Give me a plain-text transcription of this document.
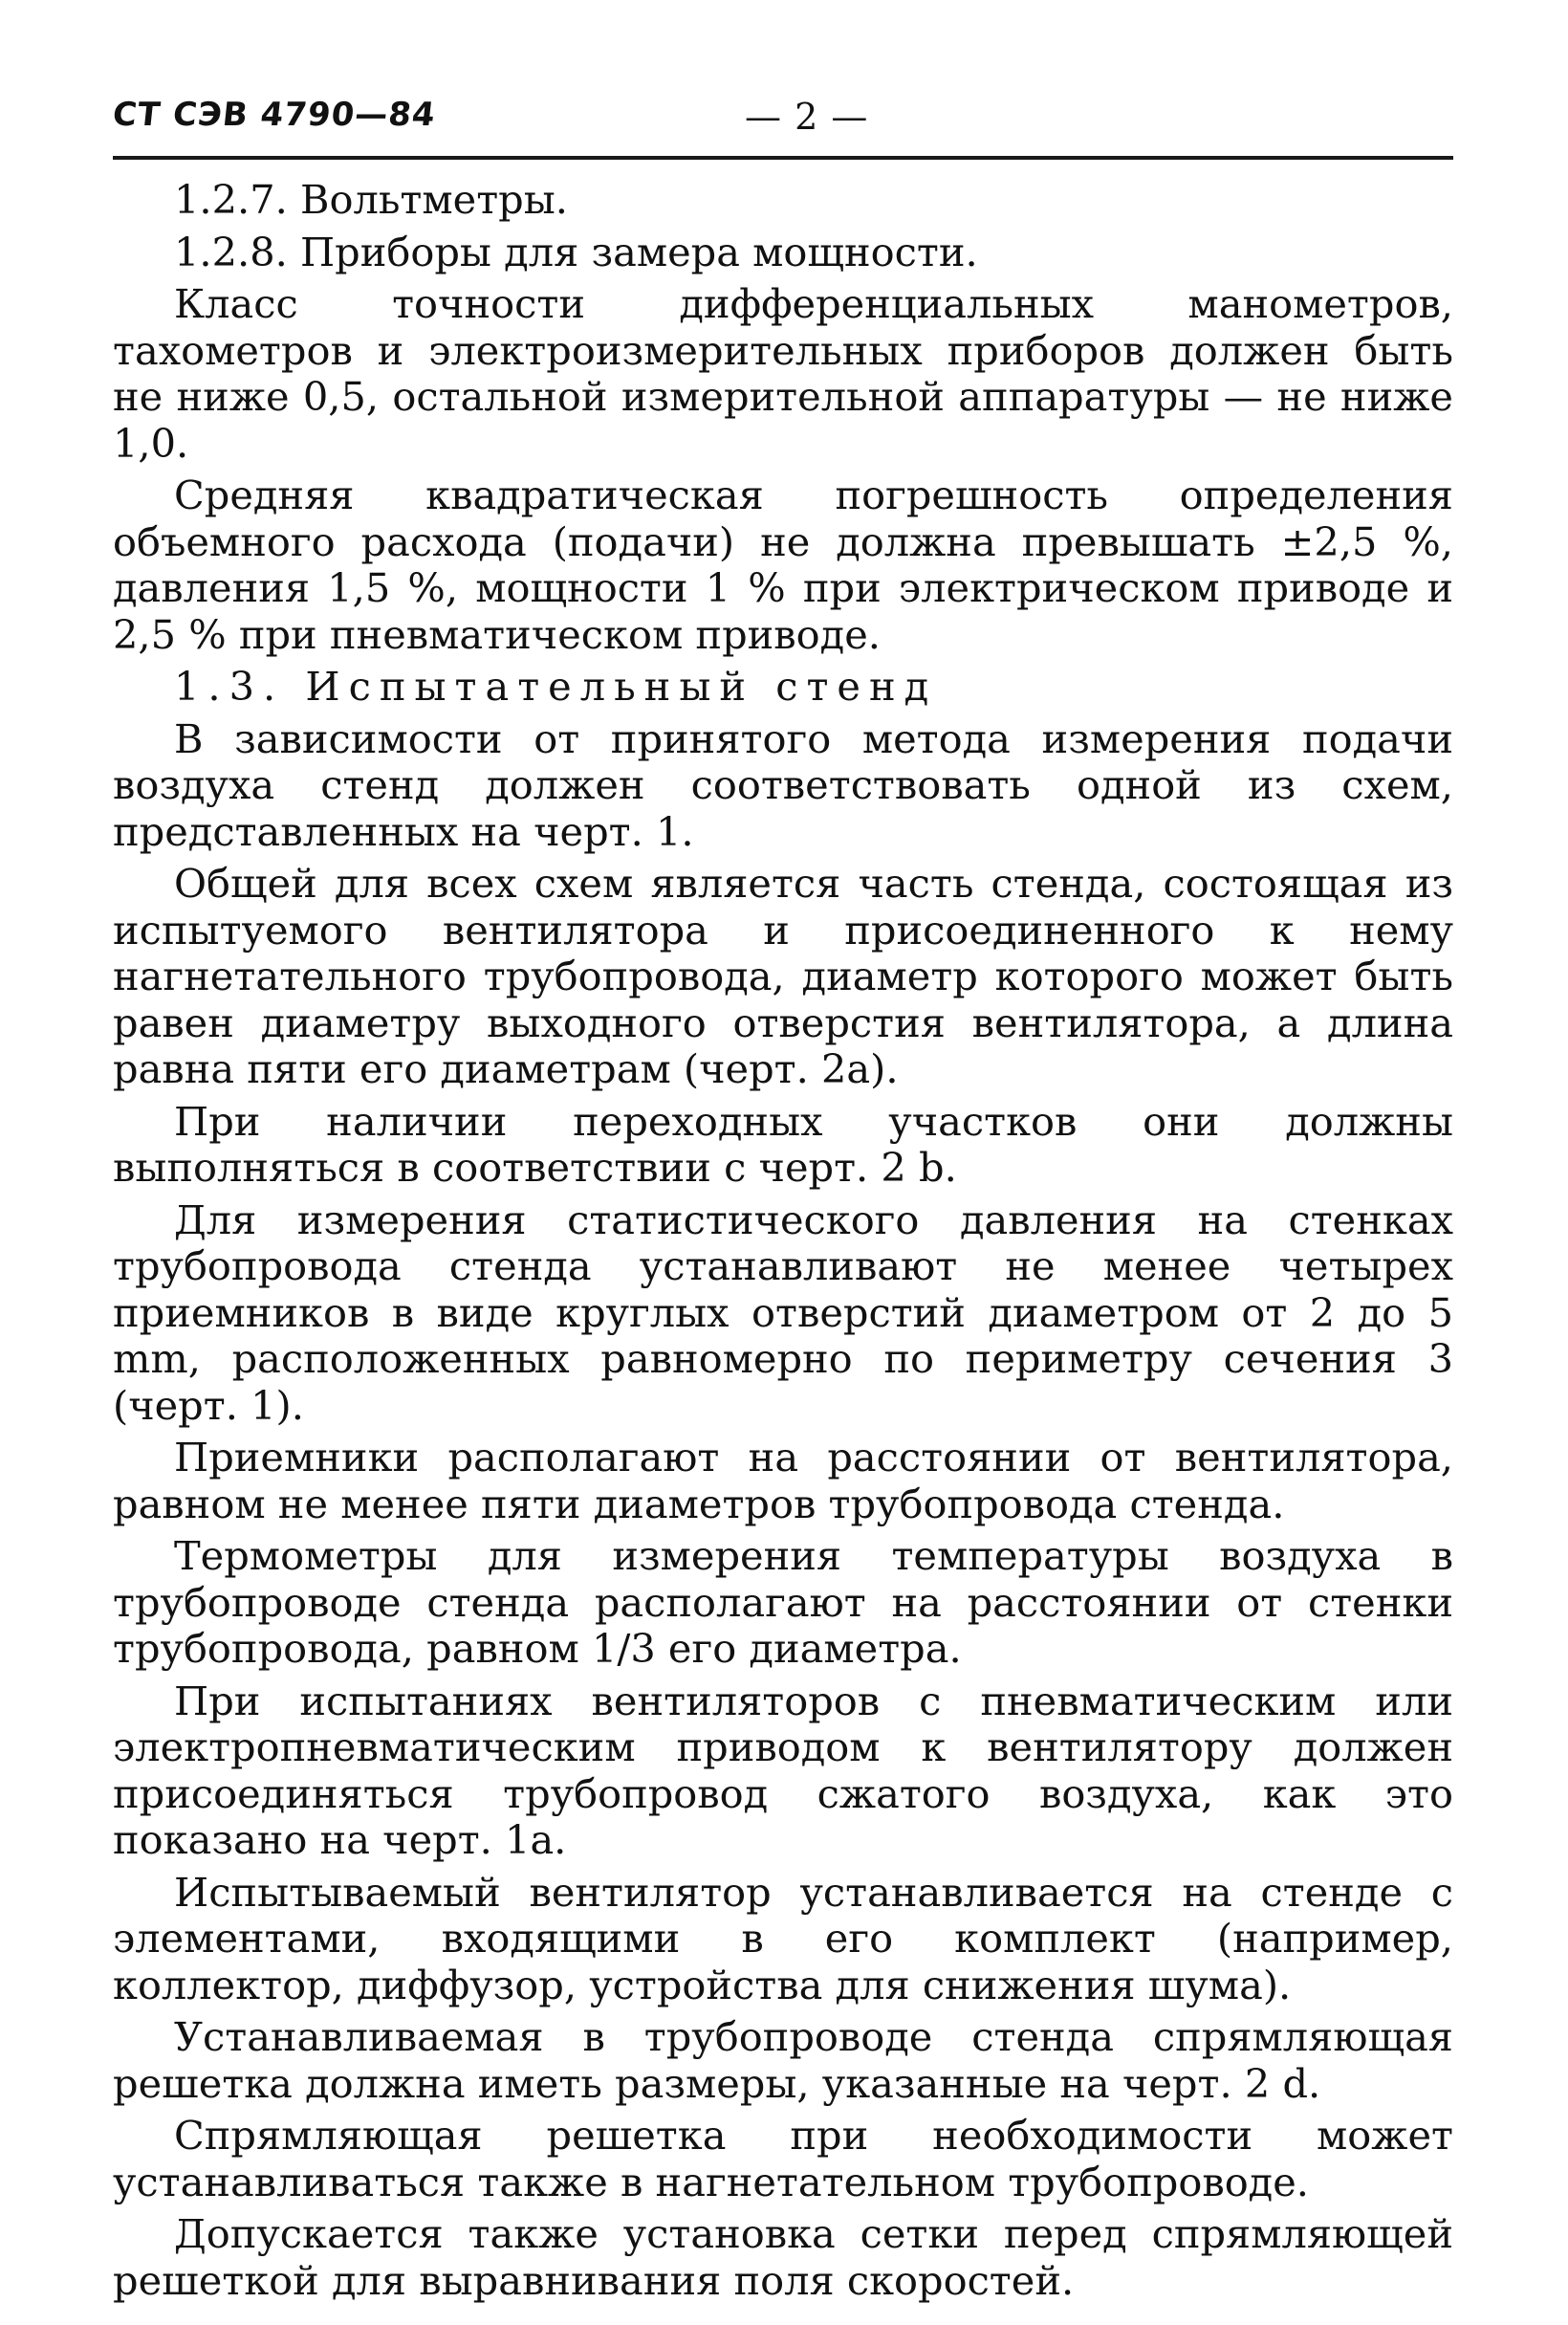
СТ СЭВ 4790—84	— 2 —

1.2.7. Вольтметры.

1.2.8. Приборы для замера мощности.

Класс точности дифференциальных манометров, тахометров и электроизмерительных приборов должен быть не ниже 0,5, остальной измерительной аппаратуры — не ниже 1,0.

Средняя квадратическая погрешность определения объемного расхода (подачи) не должна превышать ±2,5 %, давления 1,5 %, мощности 1 % при электрическом приводе и 2,5 % при пневматическом приводе.

1.3. Испытательный стенд

В зависимости от принятого метода измерения подачи воздуха стенд должен соответствовать одной из схем, представленных на черт. 1.

Общей для всех схем является часть стенда, состоящая из испытуемого вентилятора и присоединенного к нему нагнетательного трубопровода, диаметр которого может быть равен диаметру выходного отверстия вентилятора, а длина равна пяти его диаметрам (черт. 2а).

При наличии переходных участков они должны выполняться в соответствии с черт. 2 b.

Для измерения статистического давления на стенках трубопровода стенда устанавливают не менее четырех приемников в виде круглых отверстий диаметром от 2 до 5 mm, расположенных равномерно по периметру сечения 3 (черт. 1).

Приемники располагают на расстоянии от вентилятора, равном не менее пяти диаметров трубопровода стенда.

Термометры для измерения температуры воздуха в трубопроводе стенда располагают на расстоянии от стенки трубопровода, равном 1/3 его диаметра.

При испытаниях вентиляторов с пневматическим или электропневматическим приводом к вентилятору должен присоединяться трубопровод сжатого воздуха, как это показано на черт. 1а.

Испытываемый вентилятор устанавливается на стенде с элементами, входящими в его комплект (например, коллектор, диффузор, устройства для снижения шума).

Устанавливаемая в трубопроводе стенда спрямляющая решетка должна иметь размеры, указанные на черт. 2 d.

Спрямляющая решетка при необходимости может устанавливаться также в нагнетательном трубопроводе.

Допускается также установка сетки перед спрямляющей решеткой для выравнивания поля скоростей.
